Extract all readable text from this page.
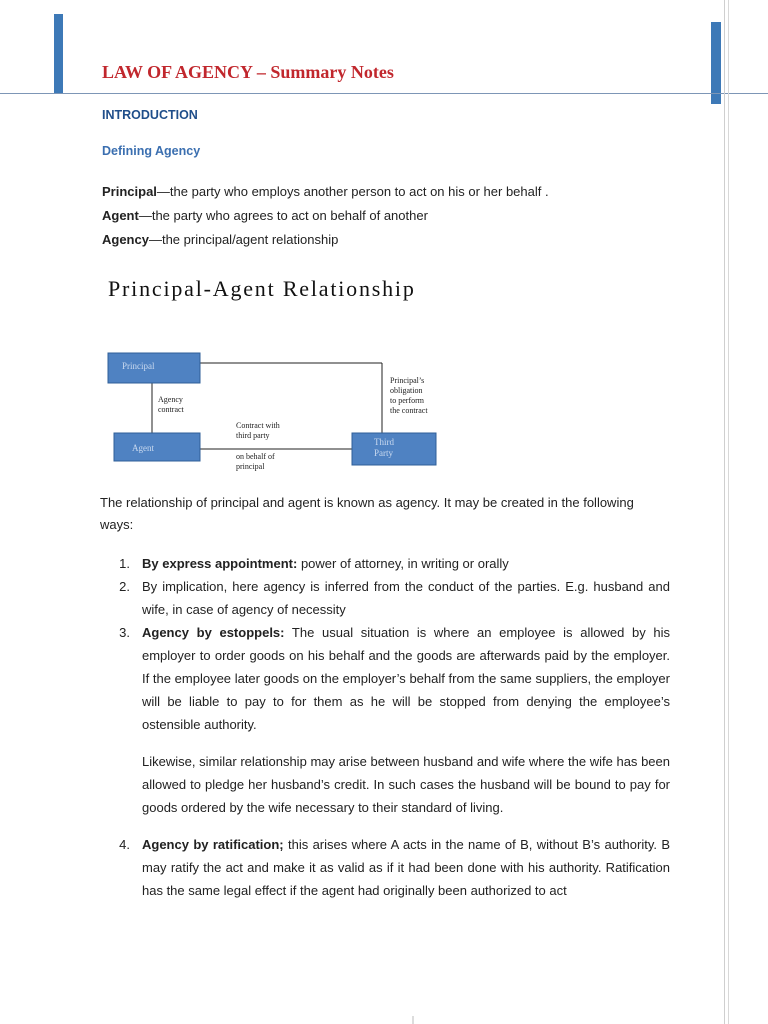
LAW OF AGENCY – Summary Notes
INTRODUCTION
Defining Agency

Principal—the party who employs another person to act on his or her behalf .

Agent—the party who agrees to act on behalf of another

Agency—the principal/agent relationship

Principal-Agent Relationship
Principal
Agent
Third
Party
Agency
contract
Contract with
third party
on behalf of
principal
Principal’s
obligation
to perform
the contract

The relationship of principal and agent is known as agency. It may be created in the following ways:

1. By express appointment: power of attorney, in writing or orally

2. By implication, here agency is inferred from the conduct of the parties. E.g. husband and wife, in case of agency of necessity

3. Agency by estoppels: The usual situation is where an employee is allowed by his employer to order goods on his behalf and the goods are afterwards paid by the employer. If the employee later goods on the employer’s behalf from the same suppliers, the employer will be liable to pay to for them as he will be stopped from denying the employee’s ostensible authority.

Likewise, similar relationship may arise between husband and wife where the wife has been allowed to pledge her husband’s credit. In such cases the husband will be bound to pay for goods ordered by the wife necessary to their standard of living.

4. Agency by ratification; this arises where A acts in the name of B, without B’s authority. B may ratify the act and make it as valid as if it had been done with his authority. Ratification has the same legal effect if the agent had originally been authorized to act
